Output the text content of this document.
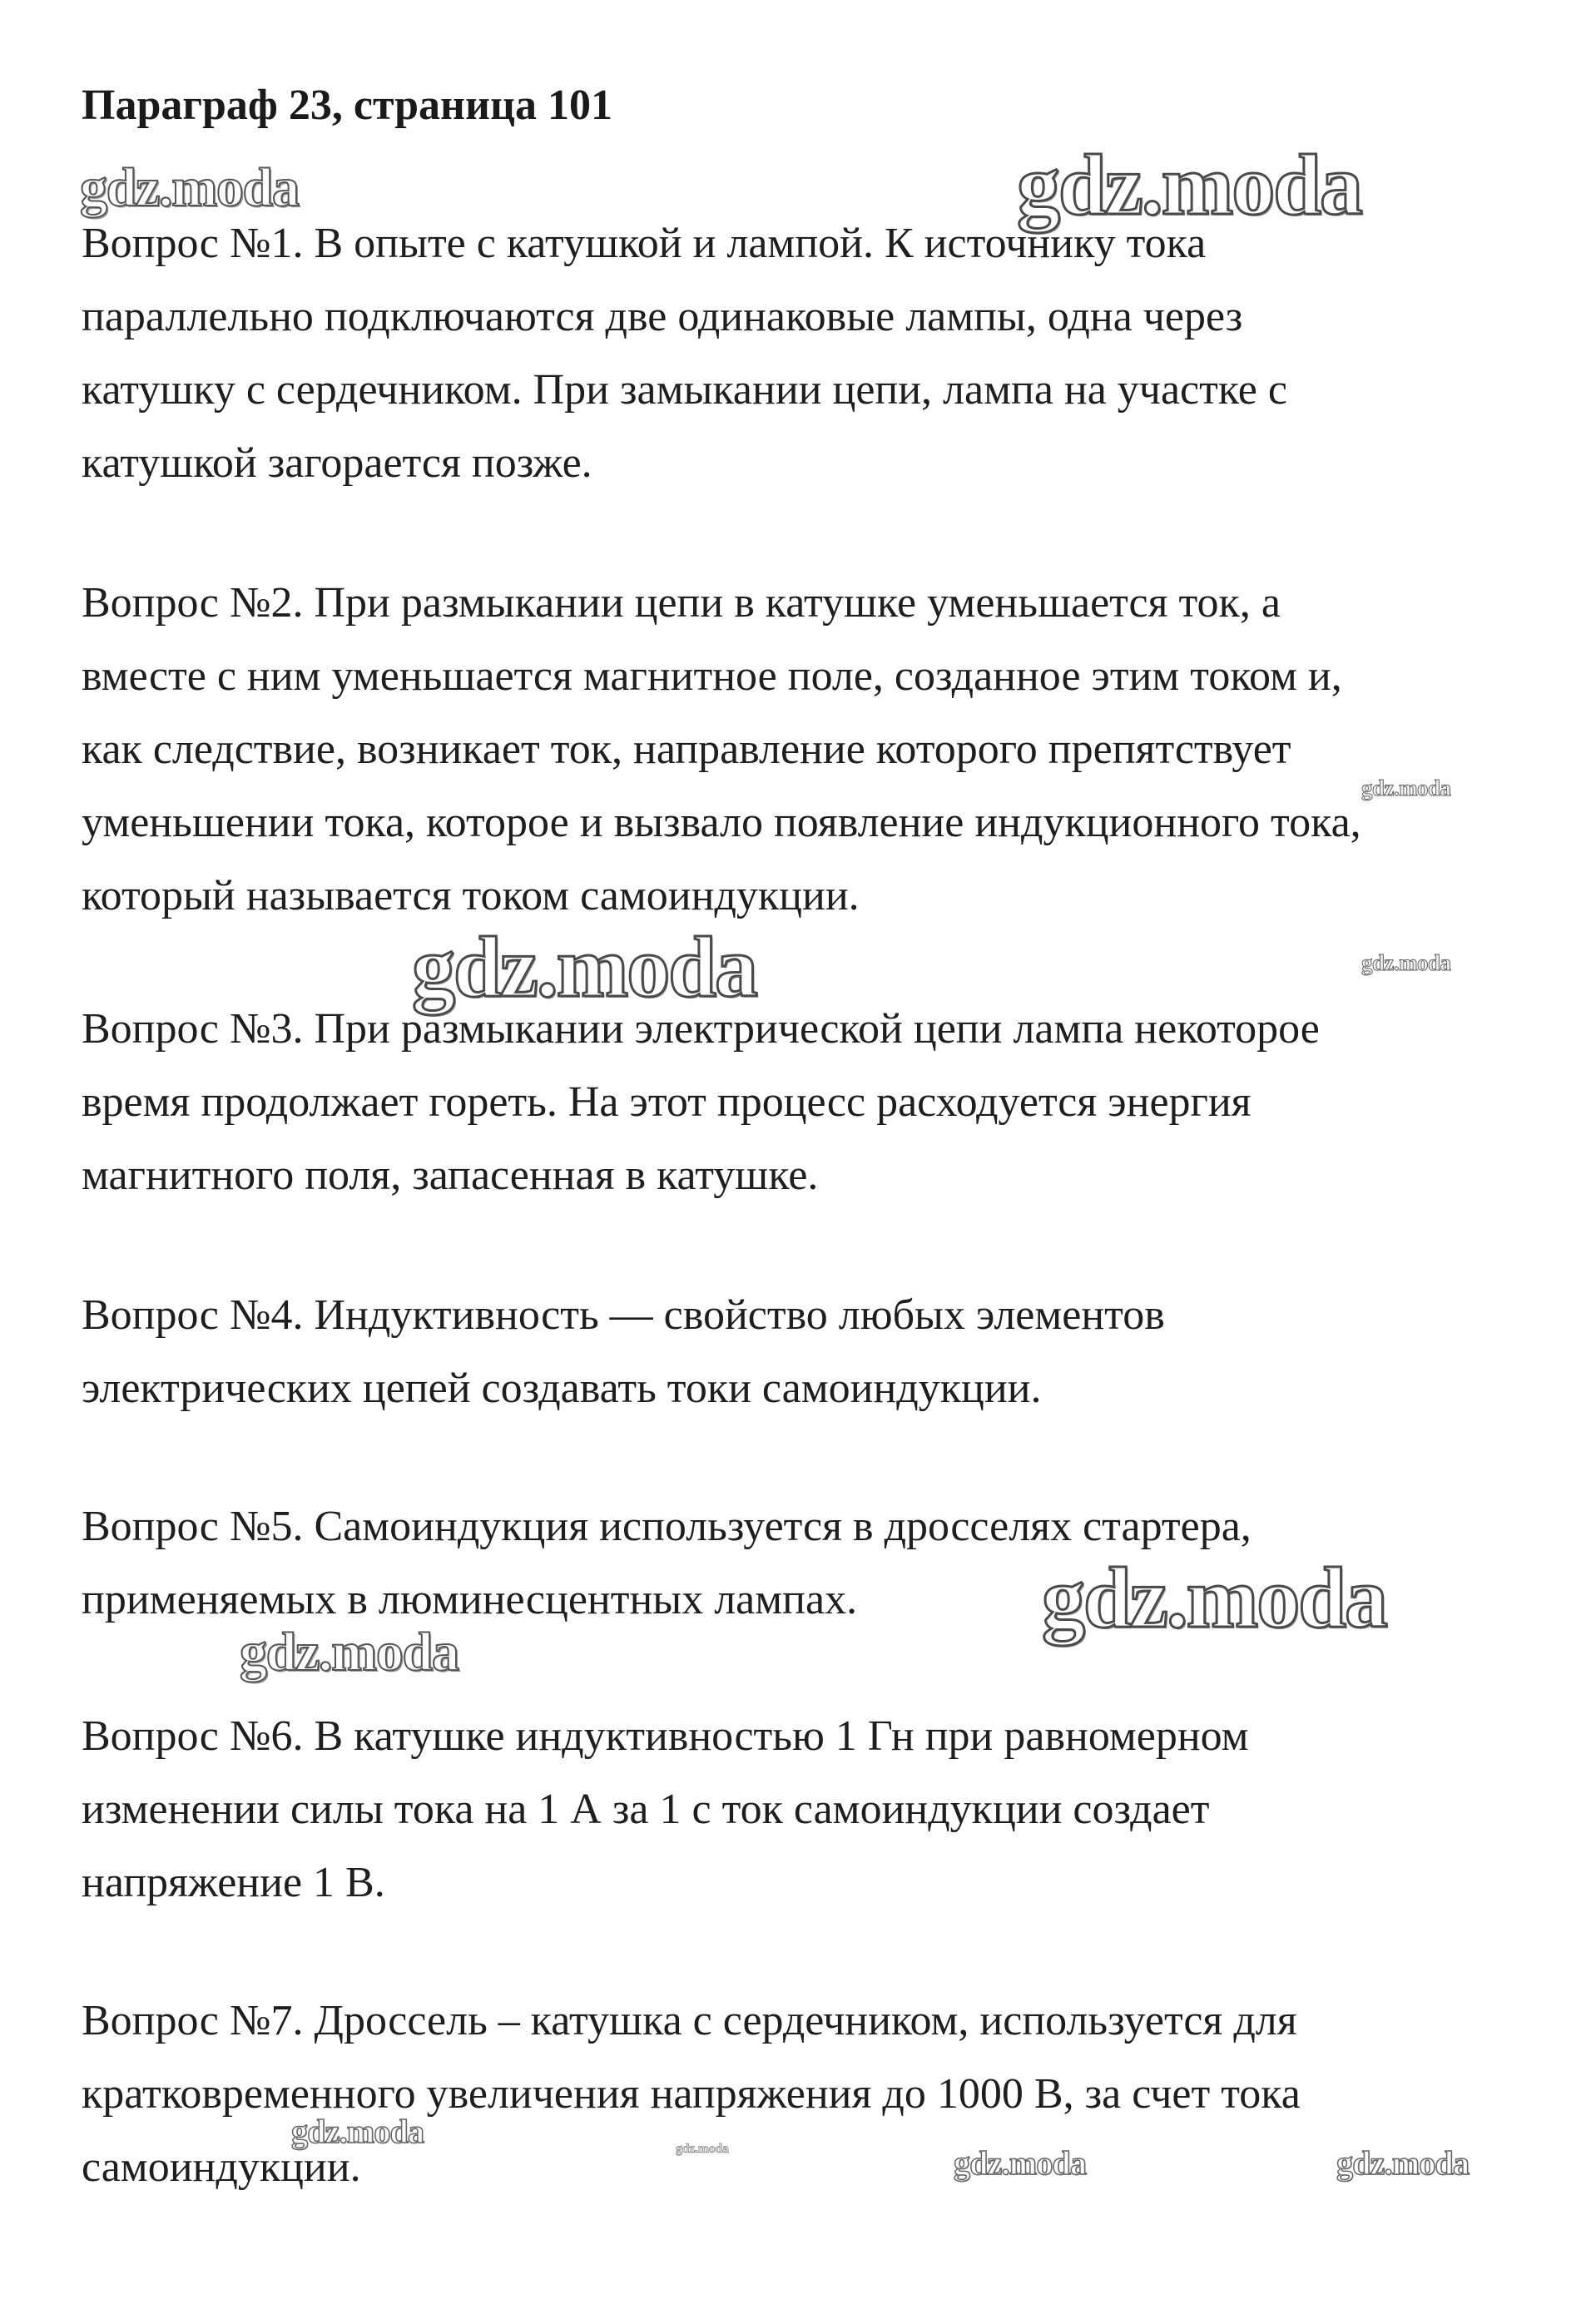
Параграф 23, страница 101
gdz.moda	gdz.moda
gdz.moda
gdz.moda	gdz.moda
gdz.moda
gdz.moda
gdz.moda	gdz.moda	gdz.moda	gdz.moda
Вопрос №1. В опыте с катушкой и лампой. К источнику тока
параллельно подключаются две одинаковые лампы, одна через
катушку с сердечником. При замыкании цепи, лампа на участке с
катушкой загорается позже.
Вопрос №2. При размыкании цепи в катушке уменьшается ток, а
вместе с ним уменьшается магнитное поле, созданное этим током и,
как следствие, возникает ток, направление которого препятствует
уменьшении тока, которое и вызвало появление индукционного тока,
который называется током самоиндукции.
Вопрос №3. При размыкании электрической цепи лампа некоторое
время продолжает гореть. На этот процесс расходуется энергия
магнитного поля, запасенная в катушке.
Вопрос №4. Индуктивность — свойство любых элементов
электрических цепей создавать токи самоиндукции.
Вопрос №5. Самоиндукция используется в дросселях стартера,
применяемых в люминесцентных лампах.
Вопрос №6. В катушке индуктивностью 1 Гн при равномерном
изменении силы тока на 1 А за 1 с ток самоиндукции создает
напряжение 1 В.
Вопрос №7. Дроссель – катушка с сердечником, используется для
кратковременного увеличения напряжения до 1000 В, за счет тока
самоиндукции.
